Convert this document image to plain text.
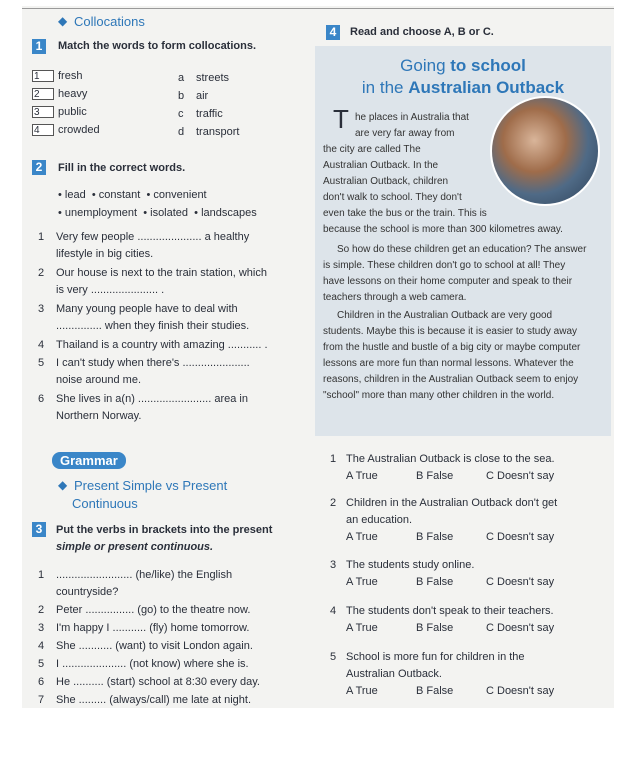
◆ Collocations
1	Match the words to form collocations.
1	fresh	a streets
2	heavy	b air
3	public	c traffic
4	crowded	d transport
2	Fill in the correct words.
• lead • constant • convenient
• unemployment • isolated • landscapes
1 Very few people ..................... a healthy
lifestyle in big cities.
2 Our house is next to the train station, which
is very ...................... .
3 Many young people have to deal with
............... when they finish their studies.
4 Thailand is a country with amazing ........... .
5 I can't study when there's ......................
noise around me.
6 She lives in a(n) ........................ area in
Northern Norway.
Grammar
◆ Present Simple vs Present
Continuous
3	Put the verbs in brackets into the present
simple or present continuous.
1 ......................... (he/like) the English
countryside?
2 Peter ................ (go) to the theatre now.
3 I'm happy I ........... (fly) home tomorrow.
4 She ........... (want) to visit London again.
5 I ..................... (not know) where she is.
6 He .......... (start) school at 8:30 every day.
7 She ......... (always/call) me late at night.
4	Read and choose A, B or C.
Going to school
in the Australian Outback
T he places in Australia that
are very far away from
the city are called The
Australian Outback. In the
Australian Outback, children
don't walk to school. They don't
even take the bus or the train. This is
because the school is more than 300 kilometres away.
So how do these children get an education? The answer
is simple. These children don't go to school at all! They
have lessons on their home computer and speak to their
teachers through a web camera.
Children in the Australian Outback are very good
students. Maybe this is because it is easier to study away
from the hustle and bustle of a big city or maybe computer
lessons are more fun than normal lessons. Whatever the
reasons, children in the Australian Outback seem to enjoy
"school" more than many other children in the world.
1 The Australian Outback is close to the sea.
A True	B False	C Doesn't say
2 Children in the Australian Outback don't get
an education.
A True	B False	C Doesn't say
3 The students study online.
A True	B False	C Doesn't say
4 The students don't speak to their teachers.
A True	B False	C Doesn't say
5 School is more fun for children in the
Australian Outback.
A True	B False	C Doesn't say
